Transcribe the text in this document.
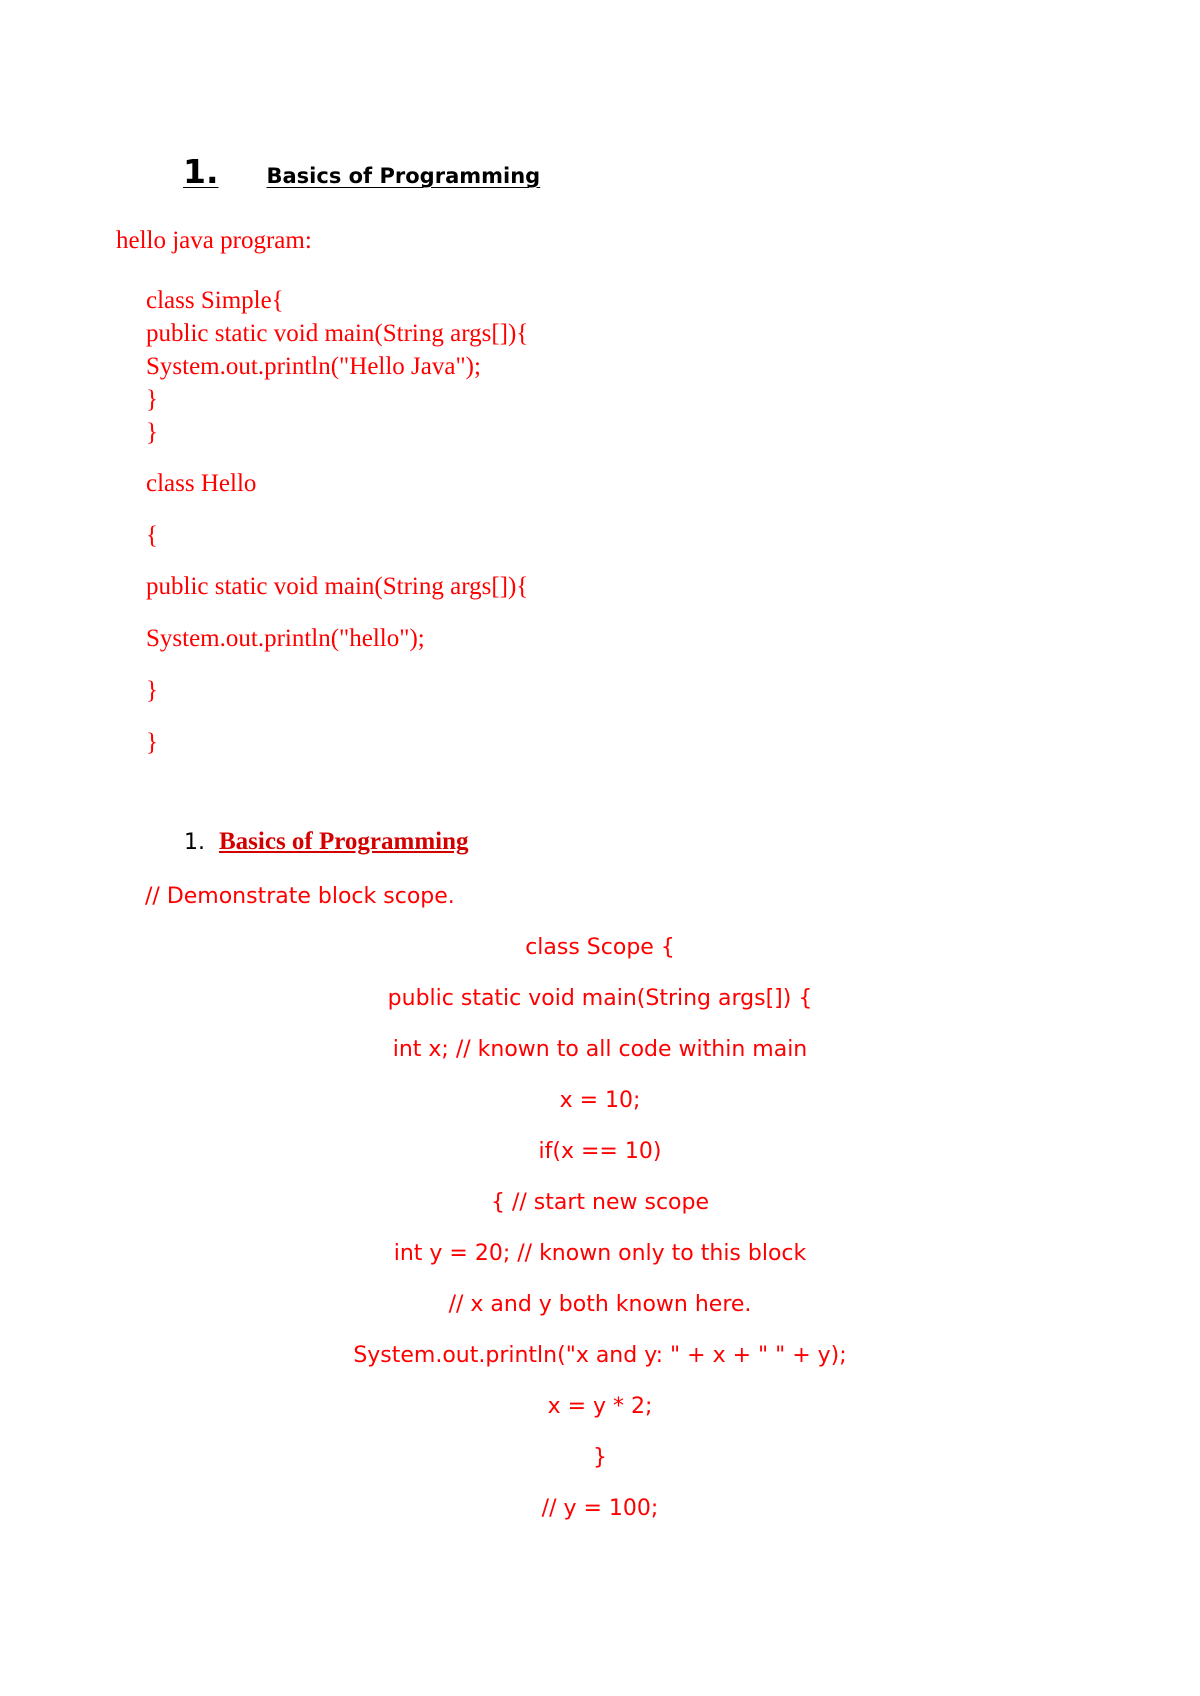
1. Basics of Programming
hello java program:
class Simple{
public static void main(String args[]){
System.out.println("Hello Java");
}
}
class Hello
{
public static void main(String args[]){
System.out.println("hello");
}
}
1. Basics of Programming
// Demonstrate block scope.
class Scope {
public static void main(String args[]) {
int x; // known to all code within main
x = 10;
if(x == 10)
{ // start new scope
int y = 20; // known only to this block
// x and y both known here.
System.out.println("x and y: " + x + " " + y);
x = y * 2;
}
// y = 100;
